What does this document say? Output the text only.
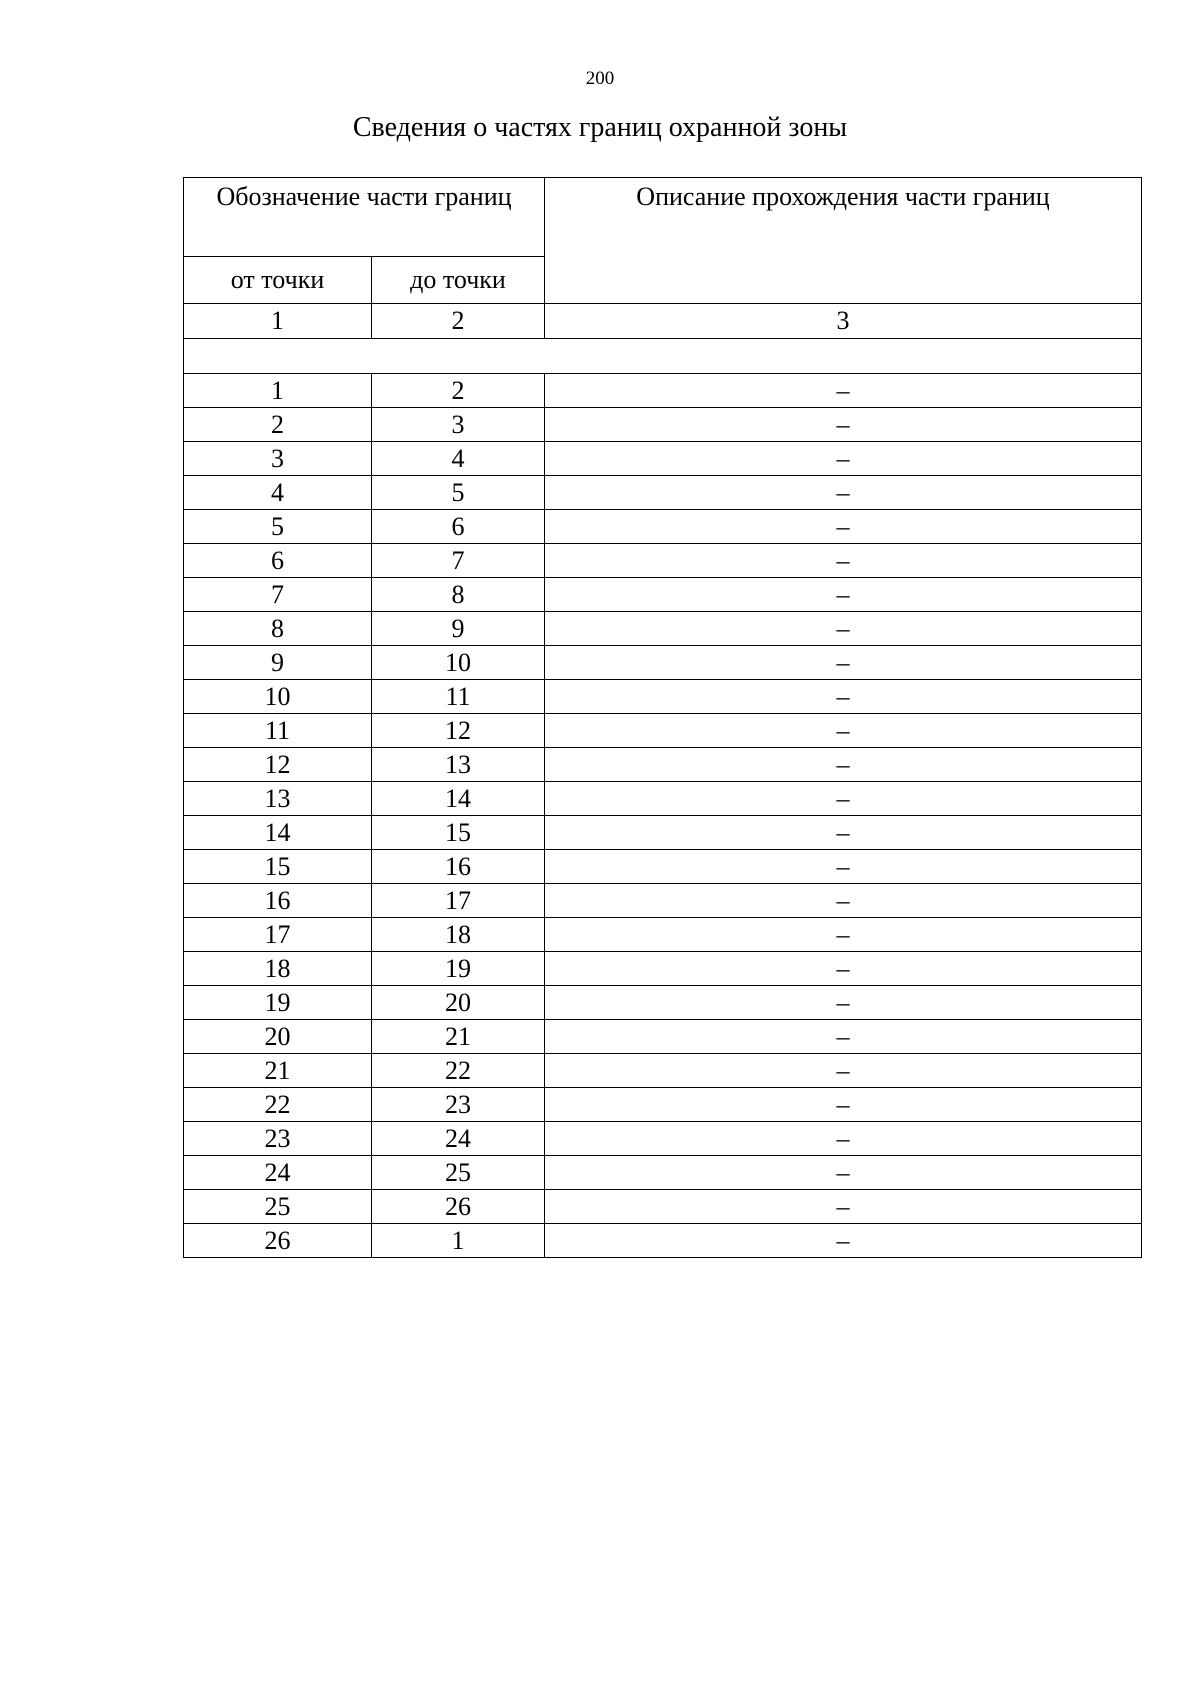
200
Сведения о частях границ охранной зоны
Обозначение части границ		Описание прохождения части границ
от точки	до точки	
1	2	3

1	2	–
2	3	–
3	4	–
4	5	–
5	6	–
6	7	–
7	8	–
8	9	–
9	10	–
10	11	–
11	12	–
12	13	–
13	14	–
14	15	–
15	16	–
16	17	–
17	18	–
18	19	–
19	20	–
20	21	–
21	22	–
22	23	–
23	24	–
24	25	–
25	26	–
26	1	–
